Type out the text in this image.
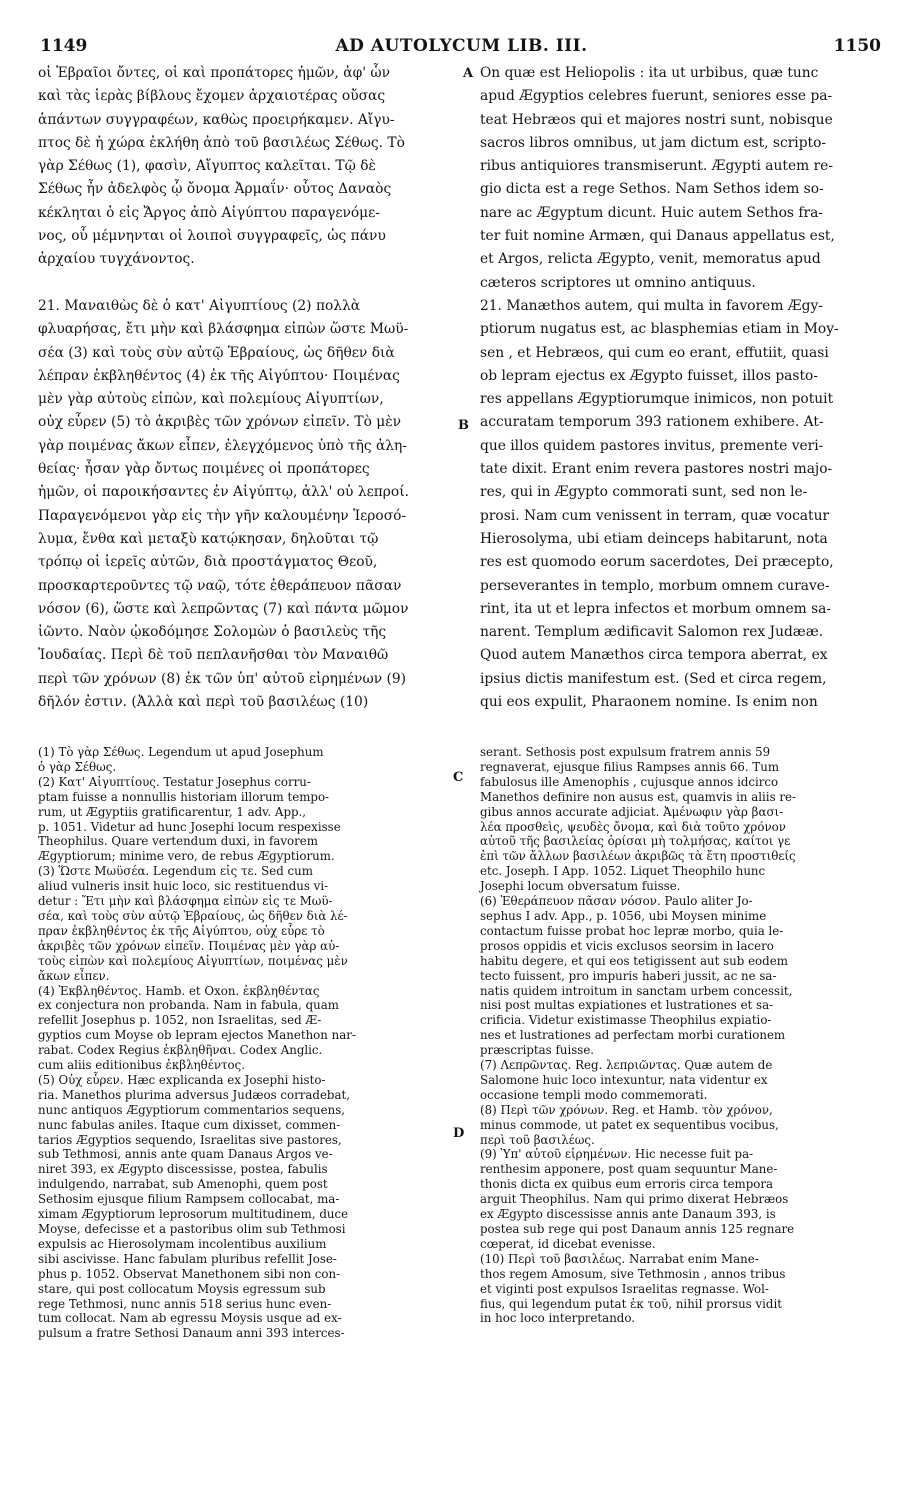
AD AUTOLYCUM LIB. III.
1149	1150
οἱ Ἑβραῖοι ὄντες, οἱ καὶ προπάτορες ἡμῶν, ἀφ' ὧν
καὶ τὰς ἱερὰς βίβλους ἔχομεν ἀρχαιοτέρας οὔσας
ἁπάντων συγγραφέων, καθὼς προειρήκαμεν. Αἴγυ-
πτος δὲ ἡ χώρα ἐκλήθη ἀπὸ τοῦ βασιλέως Σέθως. Τὸ
γὰρ Σέθως (1), φασὶν, Αἴγυπτος καλεῖται. Τῷ δὲ
Σέθως ἦν ἀδελφὸς ᾧ ὄνομα Ἀρμαΐν· οὗτος Δαναὸς
κέκληται ὁ εἰς Ἄργος ἀπὸ Αἰγύπτου παραγενόμε-
νος, οὗ μέμνηνται οἱ λοιποὶ συγγραφεῖς, ὡς πάνυ
ἀρχαίου τυγχάνοντος.

21. Μαναιθὼς δὲ ὁ κατ' Αἰγυπτίους (2) πολλὰ
φλυαρήσας, ἔτι μὴν καὶ βλάσφημα εἰπὼν ὥστε Μωϋ-
σέα (3) καὶ τοὺς σὺν αὐτῷ Ἑβραίους, ὡς δῆθεν διὰ
λέπραν ἐκβληθέντος (4) ἐκ τῆς Αἰγύπτου· Ποιμένας
μὲν γὰρ αὐτοὺς εἰπὼν, καὶ πολεμίους Αἰγυπτίων,
οὐχ εὗρεν (5) τὸ ἀκριβὲς τῶν χρόνων εἰπεῖν. Τὸ μὲν
γὰρ ποιμένας ἄκων εἶπεν, ἐλεγχόμενος ὑπὸ τῆς ἀλη-
θείας· ἦσαν γὰρ ὄντως ποιμένες οἱ προπάτορες
ἡμῶν, οἱ παροικήσαντες ἐν Αἰγύπτῳ, ἀλλ' οὐ λεπροί.
Παραγενόμενοι γὰρ εἰς τὴν γῆν καλουμένην Ἱεροσό-
λυμα, ἔνθα καὶ μεταξὺ κατῴκησαν, δηλοῦται τῷ
τρόπῳ οἱ ἱερεῖς αὐτῶν, διὰ προστάγματος Θεοῦ,
προσκαρτεροῦντες τῷ ναῷ, τότε ἐθεράπευον πᾶσαν
νόσον (6), ὥστε καὶ λεπρῶντας (7) καὶ πάντα μῶμον
ἰῶντο. Ναὸν ᾠκοδόμησε Σολομὼν ὁ βασιλεὺς τῆς
Ἰουδαίας. Περὶ δὲ τοῦ πεπλανῆσθαι τὸν Μαναιθῶ
περὶ τῶν χρόνων (8) ἐκ τῶν ὑπ' αὐτοῦ εἰρημένων (9)
δῆλόν ἐστιν. (Ἀλλὰ καὶ περὶ τοῦ βασιλέως (10)
On quæ est Heliopolis : ita ut urbibus, quæ tunc
apud Ægyptios celebres fuerunt, seniores esse pa-
teat Hebræos qui et majores nostri sunt, nobisque
sacros libros omnibus, ut jam dictum est, scripto-
ribus antiquiores transmiserunt. Ægypti autem re-
gio dicta est a rege Sethos. Nam Sethos idem so-
nare ac Ægyptum dicunt. Huic autem Sethos fra-
ter fuit nomine Armæn, qui Danaus appellatus est,
et Argos, relicta Ægypto, venit, memoratus apud
cæteros scriptores ut omnino antiquus.
21. Manæthos autem, qui multa in favorem Ægy-
ptiorum nugatus est, ac blasphemias etiam in Moy-
sen , et Hebræos, qui cum eo erant, effutiit, quasi
ob lepram ejectus ex Ægypto fuisset, illos pasto-
res appellans Ægyptiorumque inimicos, non potuit
accuratam temporum 393 rationem exhibere. At-
que illos quidem pastores invitus, premente veri-
tate dixit. Erant enim revera pastores nostri majo-
res, qui in Ægypto commorati sunt, sed non le-
prosi. Nam cum venissent in terram, quæ vocatur
Hierosolyma, ubi etiam deinceps habitarunt, nota
res est quomodo eorum sacerdotes, Dei præcepto,
perseverantes in templo, morbum omnem curave-
rint, ita ut et lepra infectos et morbum omnem sa-
narent. Templum ædificavit Salomon rex Judææ.
Quod autem Manæthos circa tempora aberrat, ex
ipsius dictis manifestum est. (Sed et circa regem,
qui eos expulit, Pharaonem nomine. Is enim non
A
B
C
D
(1) Τὸ γὰρ Σέθως. Legendum ut apud Josephum
ὁ γὰρ Σέθως.
(2) Κατ' Αἰγυπτίους. Testatur Josephus corru-
ptam fuisse a nonnullis historiam illorum tempo-
rum, ut Ægyptiis gratificarentur, 1 adv. App.,
p. 1051. Videtur ad hunc Josephi locum respexisse
Theophilus. Quare vertendum duxi, in favorem
Ægyptiorum; minime vero, de rebus Ægyptiorum.
(3) Ὥστε Μωϋσέα. Legendum εἰς τε. Sed cum
aliud vulneris insit huic loco, sic restituendus vi-
detur : Ἔτι μὴν καὶ βλάσφημα εἰπὼν εἰς τε Μωϋ-
σέα, καὶ τοὺς σὺν αὐτῷ Ἑβραίους, ὡς δῆθεν διὰ λέ-
πραν ἐκβληθέντος ἐκ τῆς Αἰγύπτου, οὐχ εὗρε τὸ
ἀκριβὲς τῶν χρόνων εἰπεῖν. Ποιμένας μὲν γὰρ αὐ-
τοὺς εἰπὼν καὶ πολεμίους Αἰγυπτίων, ποιμένας μὲν
ἄκων εἶπεν.
(4) Ἐκβληθέντος. Hamb. et Oxon. ἐκβληθέντας
ex conjectura non probanda. Nam in fabula, quam
refellit Josephus p. 1052, non Israelitas, sed Æ-
gyptios cum Moyse ob lepram ejectos Manethon nar-
rabat. Codex Regius ἐκβληθῆναι. Codex Anglic.
cum aliis editionibus ἐκβληθέντος.
(5) Οὐχ εὗρεν. Hæc explicanda ex Josephi histo-
ria. Manethos plurima adversus Judæos corradebat,
nunc antiquos Ægyptiorum commentarios sequens,
nunc fabulas aniles. Itaque cum dixisset, commen-
tarios Ægyptios sequendo, Israelitas sive pastores,
sub Tethmosi, annis ante quam Danaus Argos ve-
niret 393, ex Ægypto discessisse, postea, fabulis
indulgendo, narrabat, sub Amenophi, quem post
Sethosim ejusque filium Rampsem collocabat, ma-
ximam Ægyptiorum leprosorum multitudinem, duce
Moyse, defecisse et a pastoribus olim sub Tethmosi
expulsis ac Hierosolymam incolentibus auxilium
sibi ascivisse. Hanc fabulam pluribus refellit Jose-
phus p. 1052. Observat Manethonem sibi non con-
stare, qui post collocatum Moysis egressum sub
rege Tethmosi, nunc annis 518 serius hunc even-
tum collocat. Nam ab egressu Moysis usque ad ex-
pulsum a fratre Sethosi Danaum anni 393 interces-
serant. Sethosis post expulsum fratrem annis 59
regnaverat, ejusque filius Rampses annis 66. Tum
fabulosus ille Amenophis , cujusque annos idcirco
Manethos definire non ausus est, quamvis in aliis re-
gibus annos accurate adjiciat. Ἀμένωφιν γὰρ βασι-
λέα προσθεὶς, ψευδὲς ὄνομα, καὶ διὰ τοῦτο χρόνον
αὐτοῦ τῆς βασιλείας ὁρίσαι μὴ τολμήσας, καίτοι γε
ἐπὶ τῶν ἄλλων βασιλέων ἀκριβῶς τὰ ἔτη προστιθείς
etc. Joseph. I App. 1052. Liquet Theophilo hunc
Josephi locum obversatum fuisse.
(6) Ἐθεράπευον πᾶσαν νόσον. Paulo aliter Jo-
sephus I adv. App., p. 1056, ubi Moysen minime
contactum fuisse probat hoc lepræ morbo, quia le-
prosos oppidis et vicis exclusos seorsim in lacero
habitu degere, et qui eos tetigissent aut sub eodem
tecto fuissent, pro impuris haberi jussit, ac ne sa-
natis quidem introitum in sanctam urbem concessit,
nisi post multas expiationes et lustrationes et sa-
crificia. Videtur existimasse Theophilus expiatio-
nes et lustrationes ad perfectam morbi curationem
præscriptas fuisse.
(7) Λεπρῶντας. Reg. λεπριῶντας. Quæ autem de
Salomone huic loco intexuntur, nata videntur ex
occasione templi modo commemorati.
(8) Περὶ τῶν χρόνων. Reg. et Hamb. τὸν χρόνον,
minus commode, ut patet ex sequentibus vocibus,
περὶ τοῦ βασιλέως.
(9) Ὑπ' αὐτοῦ εἰρημένων. Hic necesse fuit pa-
renthesim apponere, post quam sequuntur Mane-
thonis dicta ex quibus eum erroris circa tempora
arguit Theophilus. Nam qui primo dixerat Hebræos
ex Ægypto discessisse annis ante Danaum 393, is
postea sub rege qui post Danaum annis 125 regnare
cœperat, id dicebat evenisse.
(10) Περὶ τοῦ βασιλέως. Narrabat enim Mane-
thos regem Amosum, sive Tethmosin , annos tribus
et viginti post expulsos Israelitas regnasse. Wol-
fius, qui legendum putat ἐκ τοῦ, nihil prorsus vidit
in hoc loco interpretando.
